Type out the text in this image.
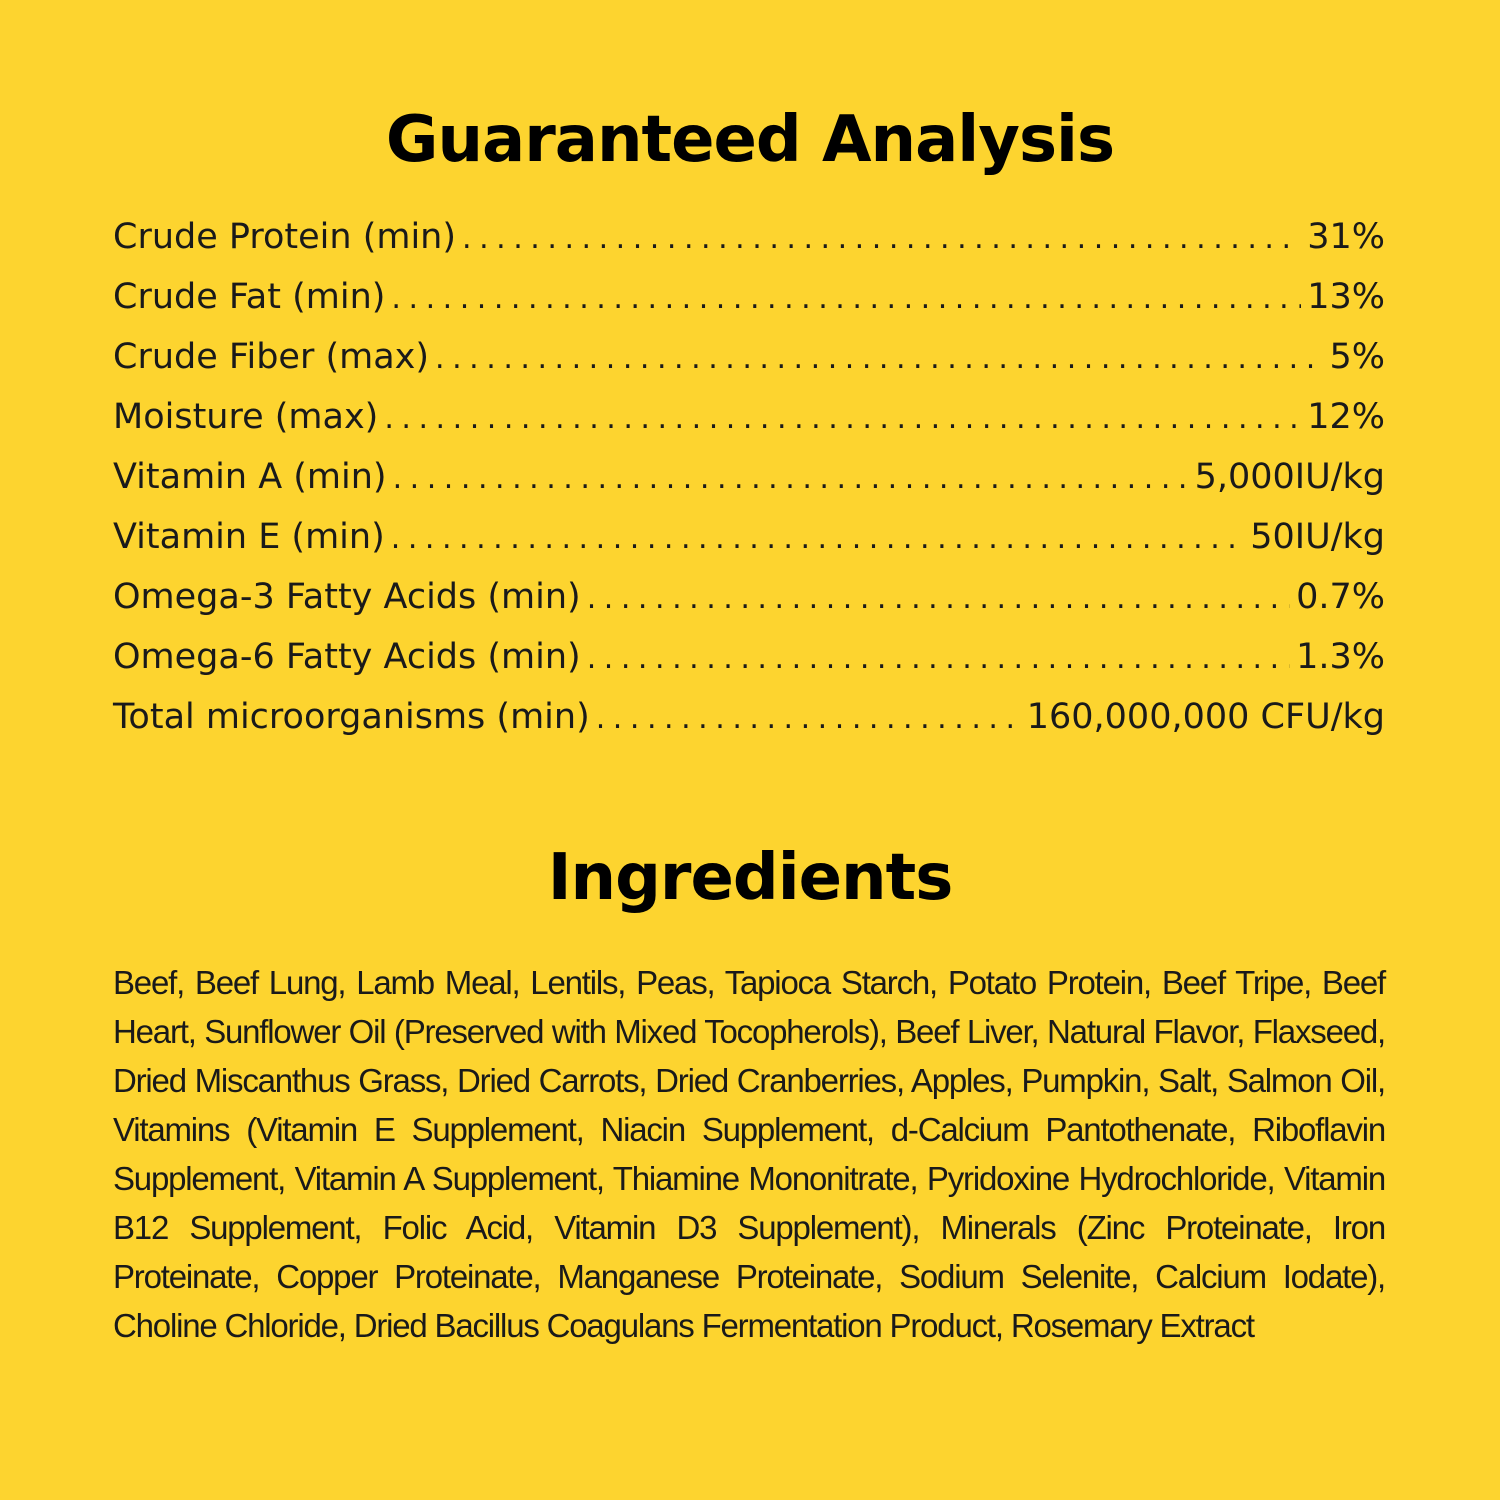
Guaranteed Analysis
Crude Protein (min) . . .	31%
Crude Fat (min) . . .	13%
Crude Fiber (max) . . .	5%
Moisture (max) . . .	12%
Vitamin A (min) . . .	5,000IU/kg
Vitamin E (min) . . .	50IU/kg
Omega-3 Fatty Acids (min) . . .	0.7%
Omega-6 Fatty Acids (min) . . .	1.3%
Total microorganisms (min) . . .	160,000,000 CFU/kg
Ingredients

Beef, Beef Lung, Lamb Meal, Lentils, Peas, Tapioca Starch, Potato Protein, Beef Tripe, Beef Heart, Sunflower Oil (Preserved with Mixed Tocopherols), Beef Liver, Natural Flavor, Flaxseed, Dried Miscanthus Grass, Dried Carrots, Dried Cranberries, Apples, Pumpkin, Salt, Salmon Oil, Vitamins (Vitamin E Supplement, Niacin Supplement, d-Calcium Pantothenate, Riboflavin Supplement, Vitamin A Supplement, Thiamine Mononitrate, Pyridoxine Hydrochloride, Vitamin B12 Supplement, Folic Acid, Vitamin D3 Supplement), Minerals (Zinc Proteinate, Iron Proteinate, Copper Proteinate, Manganese Proteinate, Sodium Selenite, Calcium Iodate), Choline Chloride, Dried Bacillus Coagulans Fermentation Product, Rosemary Extract
